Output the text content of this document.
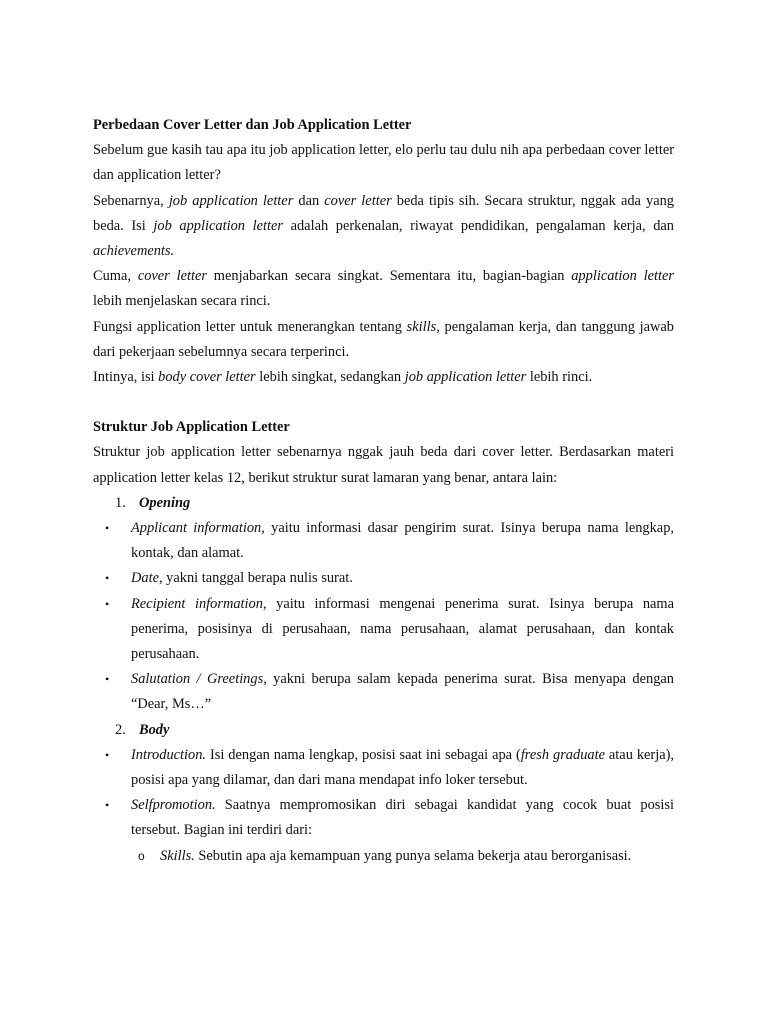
Perbedaan Cover Letter dan Job Application Letter

Sebelum gue kasih tau apa itu job application letter, elo perlu tau dulu nih apa perbedaan cover letter dan application letter?

Sebenarnya, job application letter dan cover letter beda tipis sih. Secara struktur, nggak ada yang beda. Isi job application letter adalah perkenalan, riwayat pendidikan, pengalaman kerja, dan achievements.

Cuma, cover letter menjabarkan secara singkat. Sementara itu, bagian-bagian application letter lebih menjelaskan secara rinci.

Fungsi application letter untuk menerangkan tentang skills, pengalaman kerja, dan tanggung jawab dari pekerjaan sebelumnya secara terperinci.

Intinya, isi body cover letter lebih singkat, sedangkan job application letter lebih rinci.

Struktur Job Application Letter

Struktur job application letter sebenarnya nggak jauh beda dari cover letter. Berdasarkan materi application letter kelas 12, berikut struktur surat lamaran yang benar, antara lain:

1. Opening

• Applicant information, yaitu informasi dasar pengirim surat. Isinya berupa nama lengkap, kontak, dan alamat.

• Date, yakni tanggal berapa nulis surat.

• Recipient information, yaitu informasi mengenai penerima surat. Isinya berupa nama penerima, posisinya di perusahaan, nama perusahaan, alamat perusahaan, dan kontak perusahaan.

• Salutation / Greetings, yakni berupa salam kepada penerima surat. Bisa menyapa dengan “Dear, Ms…”

2. Body

• Introduction. Isi dengan nama lengkap, posisi saat ini sebagai apa (fresh graduate atau kerja), posisi apa yang dilamar, dan dari mana mendapat info loker tersebut.

• Selfpromotion. Saatnya mempromosikan diri sebagai kandidat yang cocok buat posisi tersebut. Bagian ini terdiri dari:

o Skills. Sebutin apa aja kemampuan yang punya selama bekerja atau berorganisasi.
